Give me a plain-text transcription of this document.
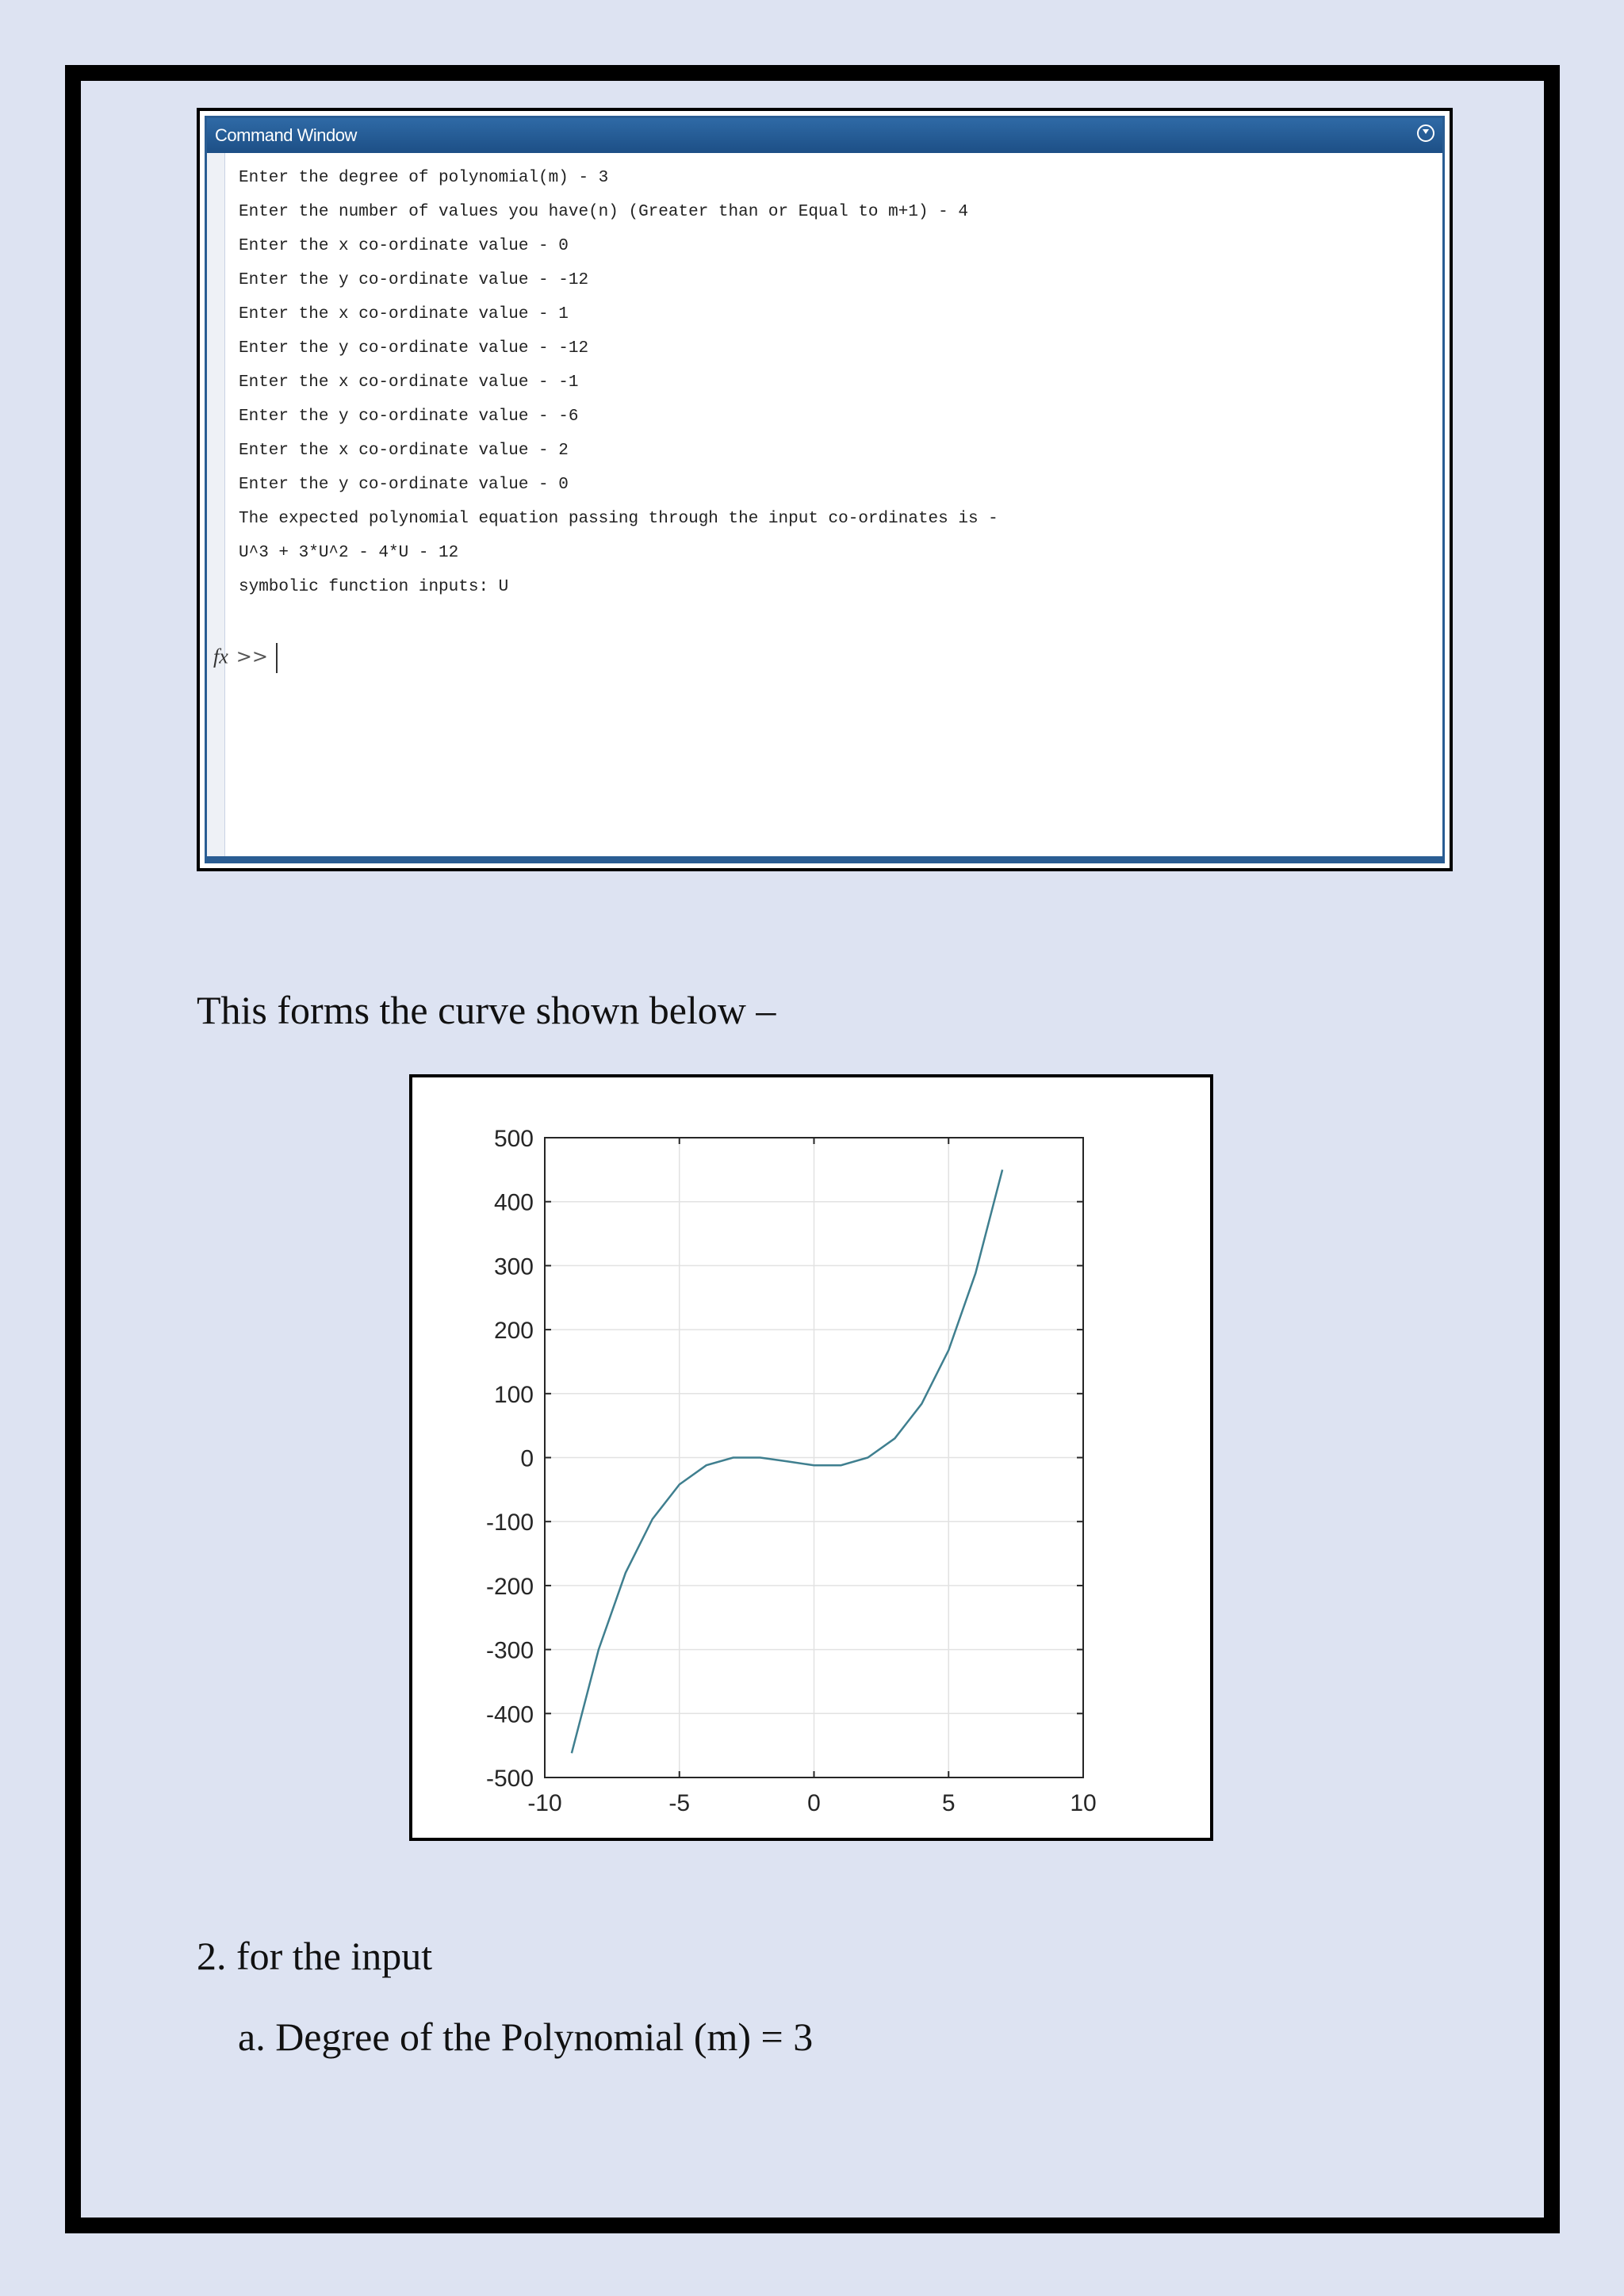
Command Window
Enter the degree of polynomial(m) - 3
Enter the number of values you have(n) (Greater than or Equal to m+1) - 4
Enter the x co-ordinate value - 0
Enter the y co-ordinate value - -12
Enter the x co-ordinate value - 1
Enter the y co-ordinate value - -12
Enter the x co-ordinate value - -1
Enter the y co-ordinate value - -6
Enter the x co-ordinate value - 2
Enter the y co-ordinate value - 0
The expected polynomial equation passing through the input co-ordinates is -
U^3 + 3*U^2 - 4*U - 12
symbolic function inputs: U
fx >>
This forms the curve shown below –
-10	-5	0	5	10
500
400
300
200
100
0
-100
-200
-300
-400
-500
2. for the input
a. Degree of the Polynomial (m) = 3
